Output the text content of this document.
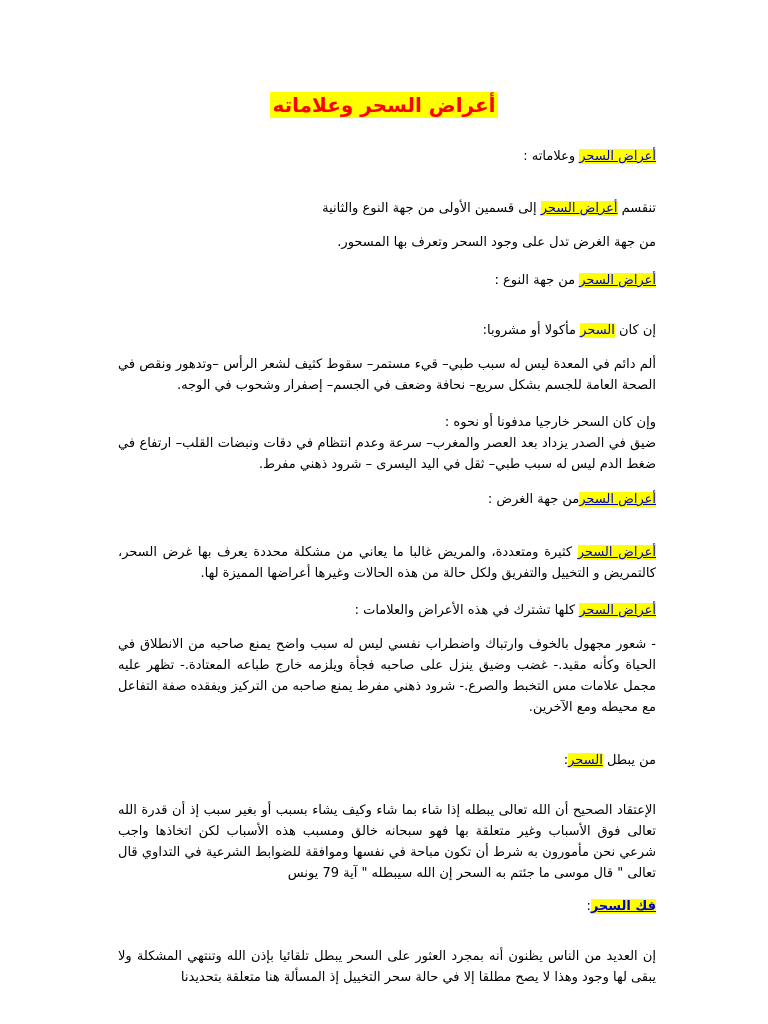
أعراض السحر وعلاماته
أعراض السحر وعلاماته :
تنقسم أعراض السحر إلى قسمين الأولى من جهة النوع والثانية
من جهة الغرض تدل على وجود السحر وتعرف بها المسحور.
أعراض السحر من جهة النوع :
إن كان السحر مأكولا أو مشروبا:
ألم دائم في المعدة ليس له سبب طبي– قيء مستمر– سقوط كثيف لشعر الرأس –وتدهور ونقص في الصحة العامة للجسم بشكل سريع– نحافة وضعف في الجسم– إصفرار وشحوب في الوجه.
وإن كان السحر خارجيا مدفونا أو نحوه :
ضيق في الصدر يزداد بعد العصر والمغرب– سرعة وعدم انتظام في دقات ونبضات القلب– ارتفاع في ضغط الدم ليس له سبب طبي– ثقل في اليد اليسرى – شرود ذهني مفرط.
أعراض السحرمن جهة الغرض :
أعراض السحر كثيرة ومتعددة، والمريض غالبا ما يعاني من مشكلة محددة يعرف بها غرض السحر، كالتمريض و التخييل والتفريق ولكل حالة من هذه الحالات وغيرها أعراضها المميزة لها.
أعراض السحر كلها تشترك في هذه الأعراض والعلامات :
- شعور مجهول بالخوف وارتباك واضطراب نفسي ليس له سبب واضح يمنع صاحبه من الانطلاق في الحياة وكأنه مقيد.- غضب وضيق ينزل على صاحبه فجأة ويلزمه خارج طباعه المعتادة.- تظهر عليه مجمل علامات مس التخبط والصرع.- شرود ذهني مفرط يمنع صاحبه من التركيز ويفقده صفة التفاعل مع محيطه ومع الآخرين.
من يبطل السحر:
الإعتقاد الصحيح أن الله تعالى يبطله إذا شاء بما شاء وكيف يشاء بسبب أو بغير سبب إذ أن قدرة الله تعالى فوق الأسباب وغير متعلقة بها فهو سبحانه خالق ومسبب هذه الأسباب لكن اتخاذها واجب شرعي نحن مأمورون به شرط أن تكون مباحة في نفسها وموافقة للضوابط الشرعية في التداوي قال تعالى " قال موسى ما جئتم به السحر إن الله سيبطله " آية 79 يونس
فك السحر:
إن العديد من الناس يظنون أنه بمجرد العثور على السحر يبطل تلقائيا بإذن الله وتنتهي المشكلة ولا يبقى لها وجود وهذا لا يصح مطلقا إلا في حالة سحر التخييل إذ المسألة هنا متعلقة بتحديدنا
